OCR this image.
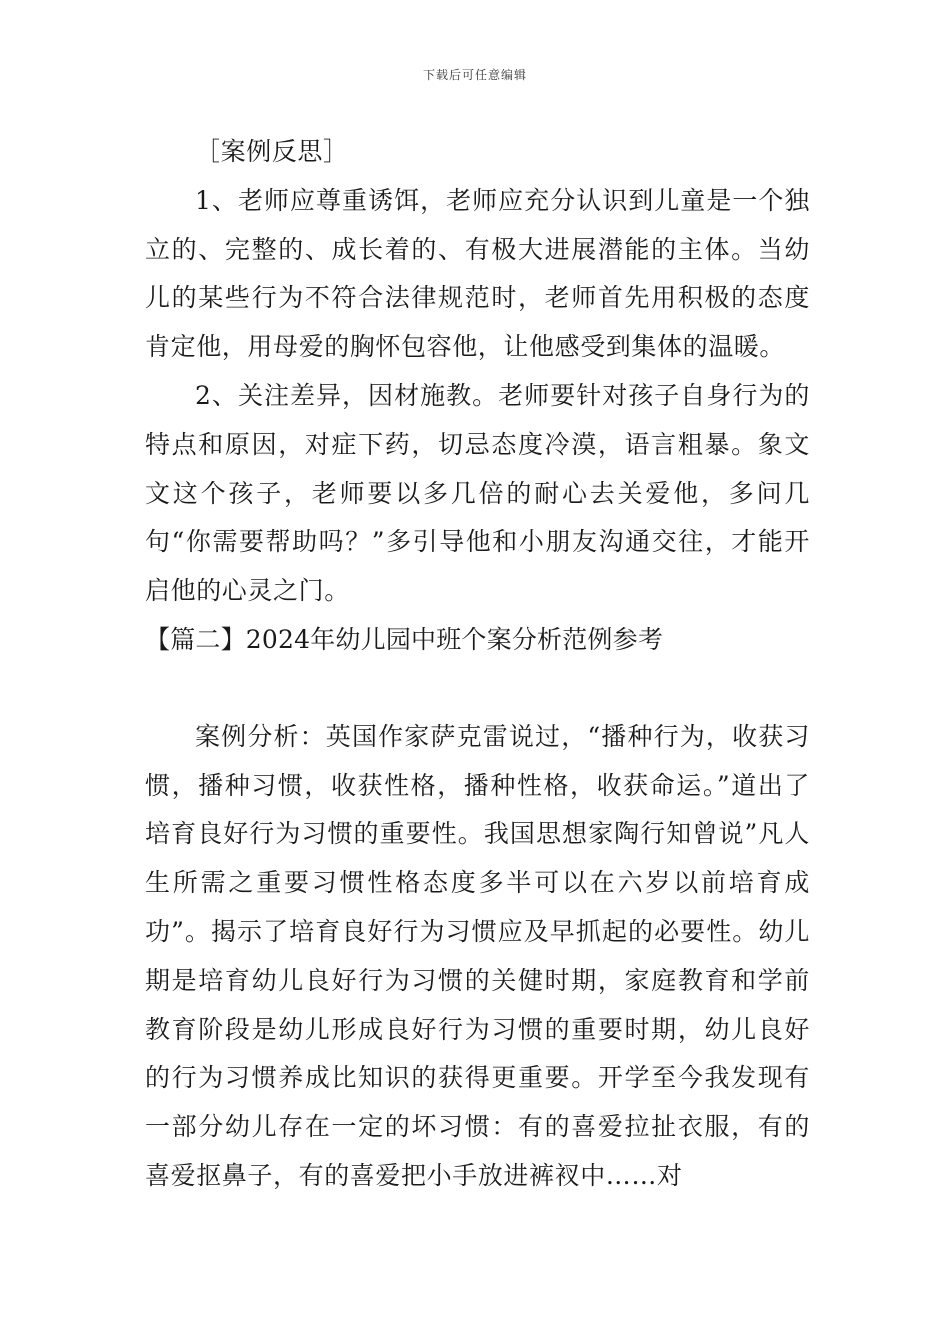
下载后可任意编辑

［案例反思］

1、老师应尊重诱饵，老师应充分认识到儿童是一个独立的、完整的、成长着的、有极大进展潜能的主体。当幼儿的某些行为不符合法律规范时，老师首先用积极的态度肯定他，用母爱的胸怀包容他，让他感受到集体的温暖。

2、关注差异，因材施教。老师要针对孩子自身行为的特点和原因，对症下药，切忌态度冷漠，语言粗暴。象文文这个孩子，老师要以多几倍的耐心去关爱他，多问几句“你需要帮助吗？”多引导他和小朋友沟通交往，才能开启他的心灵之门。

【篇二】2024年幼儿园中班个案分析范例参考

案例分析：英国作家萨克雷说过，“播种行为，收获习惯，播种习惯，收获性格，播种性格，收获命运。”道出了培育良好行为习惯的重要性。我国思想家陶行知曾说”凡人生所需之重要习惯性格态度多半可以在六岁以前培育成功”。揭示了培育良好行为习惯应及早抓起的必要性。幼儿期是培育幼儿良好行为习惯的关健时期，家庭教育和学前教育阶段是幼儿形成良好行为习惯的重要时期，幼儿良好的行为习惯养成比知识的获得更重要。开学至今我发现有一部分幼儿存在一定的坏习惯：有的喜爱拉扯衣服，有的喜爱抠鼻子，有的喜爱把小手放进裤衩中……对
